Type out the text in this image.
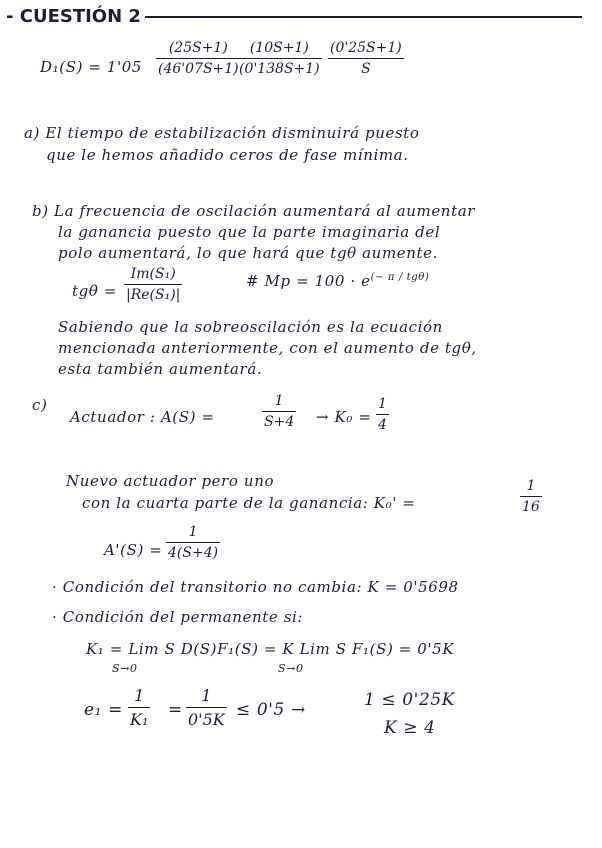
- CUESTIÓN 2
D₁(S) = 1'05
(25S+1)
(46'07S+1)
(10S+1)
(0'138S+1)
(0'25S+1)
S
a) El tiempo de estabilización disminuirá puesto
que le hemos añadido ceros de fase mínima.
b) La frecuencia de oscilación aumentará al aumentar
la ganancia puesto que la parte imaginaria del
polo aumentará, lo que hará que tgθ aumente.
tgθ =
Im(S₁)
|Re(S₁)|
# $Mp = 100 \cdot e^{(- \pi / tg\theta)}$
Sabiendo que la sobreoscilación es la ecuación
mencionada anteriormente, con el aumento de tgθ,
esta también aumentará.
c)
Actuador : A(S) =
1
S+4 → K₀ =
1
4
Nuevo actuador pero uno
con la cuarta parte de la ganancia: K₀' =
1
16
A'(S) =
1
4(S+4)
· Condición del transitorio no cambia: K = 0'5698
· Condición del permanente si:
K₁ = Lim S D(S)F₁(S) = K Lim S F₁(S) = 0'5K
S→0	S→0
e₁ =
1
K₁ =
1
0'5K ≤ 0'5 →	1 ≤ 0'25K
K ≥ 4
